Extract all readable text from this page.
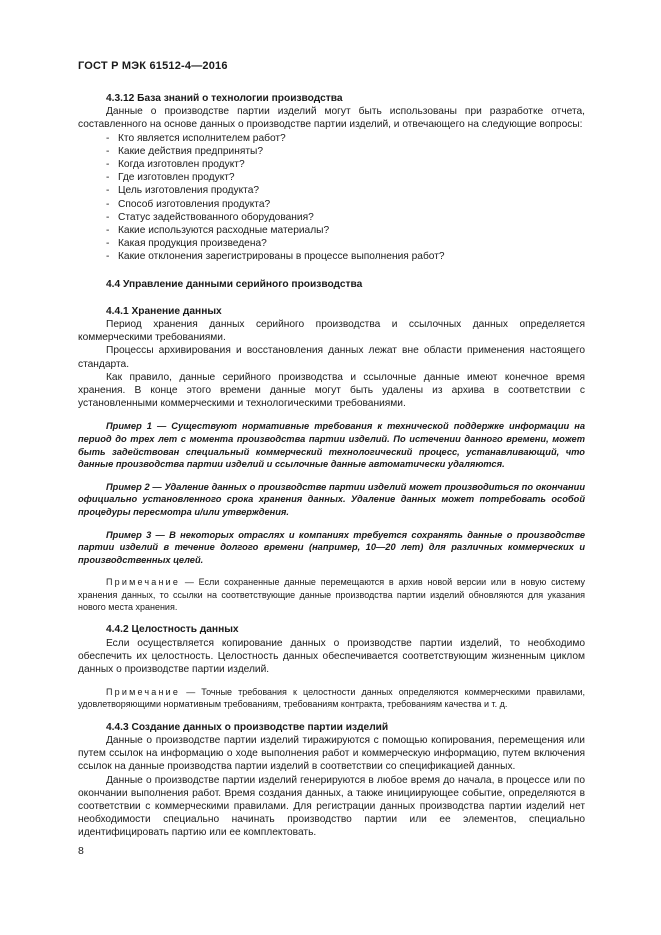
ГОСТ Р МЭК 61512-4—2016

4.3.12 База знаний о технологии производства

Данные о производстве партии изделий могут быть использованы при разработке отчета, составленного на основе данных о производстве партии изделий, и отвечающего на следующие вопросы:

- Кто является исполнителем работ?

- Какие действия предприняты?

- Когда изготовлен продукт?

- Где изготовлен продукт?

- Цель изготовления продукта?

- Способ изготовления продукта?

- Статус задействованного оборудования?

- Какие используются расходные материалы?

- Какая продукция произведена?

- Какие отклонения зарегистрированы в процессе выполнения работ?

4.4 Управление данными серийного производства

4.4.1 Хранение данных

Период хранения данных серийного производства и ссылочных данных определяется коммерческими требованиями.

Процессы архивирования и восстановления данных лежат вне области применения настоящего стандарта.

Как правило, данные серийного производства и ссылочные данные имеют конечное время хранения. В конце этого времени данные могут быть удалены из архива в соответствии с установленными коммерческими и технологическими требованиями.

Пример 1 — Существуют нормативные требования к технической поддержке информации на период до трех лет с момента производства партии изделий. По истечении данного времени, может быть задействован специальный коммерческий технологический процесс, устанавливающий, что данные производства партии изделий и ссылочные данные автоматически удаляются.

Пример 2 — Удаление данных о производстве партии изделий может производиться по окончании официально установленного срока хранения данных. Удаление данных может потребовать особой процедуры пересмотра и/или утверждения.

Пример 3 — В некоторых отраслях и компаниях требуется сохранять данные о производстве партии изделий в течение долгого времени (например, 10—20 лет) для различных коммерческих и производственных целей.

Примечание — Если сохраненные данные перемещаются в архив новой версии или в новую систему хранения данных, то ссылки на соответствующие данные производства партии изделий обновляются для указания нового места хранения.

4.4.2 Целостность данных

Если осуществляется копирование данных о производстве партии изделий, то необходимо обеспечить их целостность. Целостность данных обеспечивается соответствующим жизненным циклом данных о производстве партии изделий.

Примечание — Точные требования к целостности данных определяются коммерческими правилами, удовлетворяющими нормативным требованиям, требованиям контракта, требованиям качества и т. д.

4.4.3 Создание данных о производстве партии изделий

Данные о производстве партии изделий тиражируются с помощью копирования, перемещения или путем ссылок на информацию о ходе выполнения работ и коммерческую информацию, путем включения ссылок на данные производства партии изделий в соответствии со спецификацией данных.

Данные о производстве партии изделий генерируются в любое время до начала, в процессе или по окончании выполнения работ. Время создания данных, а также инициирующее событие, определяются в соответствии с коммерческими правилами. Для регистрации данных производства партии изделий нет необходимости специально начинать производство партии или ее элементов, специально идентифицировать партию или ее комплектовать.

8
